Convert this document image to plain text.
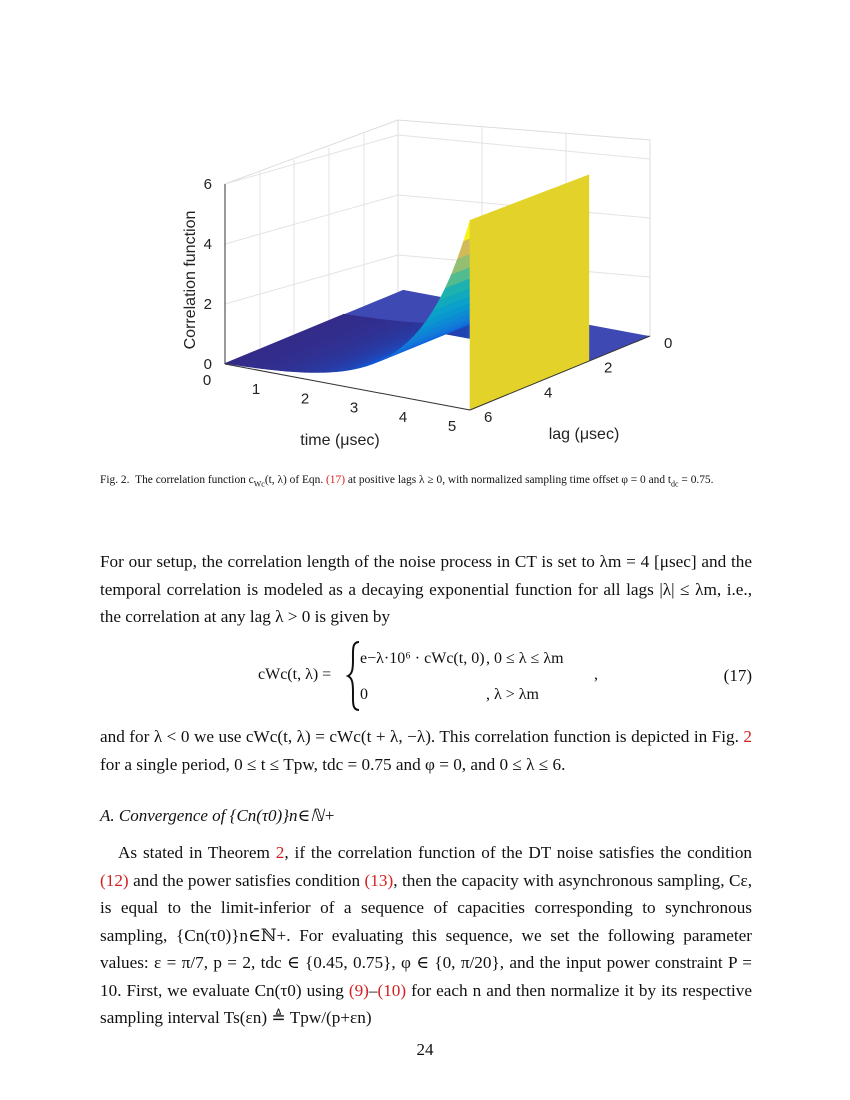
0
2
4
6
0
1
2
3
4
5
0
2
4
6
Correlation function
time (μsec)	lag (μsec)
Fig. 2. The correlation function $c_{Wc}(t$, λ) of Eqn. (17) at positive lags λ ≥ 0, with normalized sampling time offset φ = 0 and $t_{dc} = 0.75$.

For our setup, the correlation length of the noise process in CT is set to λm = 4 [μsec] and the temporal correlation is modeled as a decaying exponential function for all lags |λ| ≤ λm, i.e., the correlation at any lag λ > 0 is given by

cWc(t, λ) =
e−λ·10⁶ · cWc(t, 0) , 0 ≤ λ ≤ λm
0	, λ > λm
,	(17)

and for λ < 0 we use cWc(t, λ) = cWc(t + λ, −λ). This correlation function is depicted in Fig. 2 for a single period, 0 ≤ t ≤ Tpw, tdc = 0.75 and φ = 0, and 0 ≤ λ ≤ 6.

A. Convergence of {Cn(τ0)}n∈ℕ+

As stated in Theorem 2, if the correlation function of the DT noise satisfies the condition (12) and the power satisfies condition (13), then the capacity with asynchronous sampling, Cε, is equal to the limit-inferior of a sequence of capacities corresponding to synchronous sampling, {Cn(τ0)}n∈ℕ+. For evaluating this sequence, we set the following parameter values: ε = π/7, p = 2, tdc ∈ {0.45, 0.75}, φ ∈ {0, π/20}, and the input power constraint P = 10. First, we evaluate Cn(τ0) using (9)–(10) for each n and then normalize it by its respective sampling interval Ts(εn) ≜ Tpw/(p+εn)

24
